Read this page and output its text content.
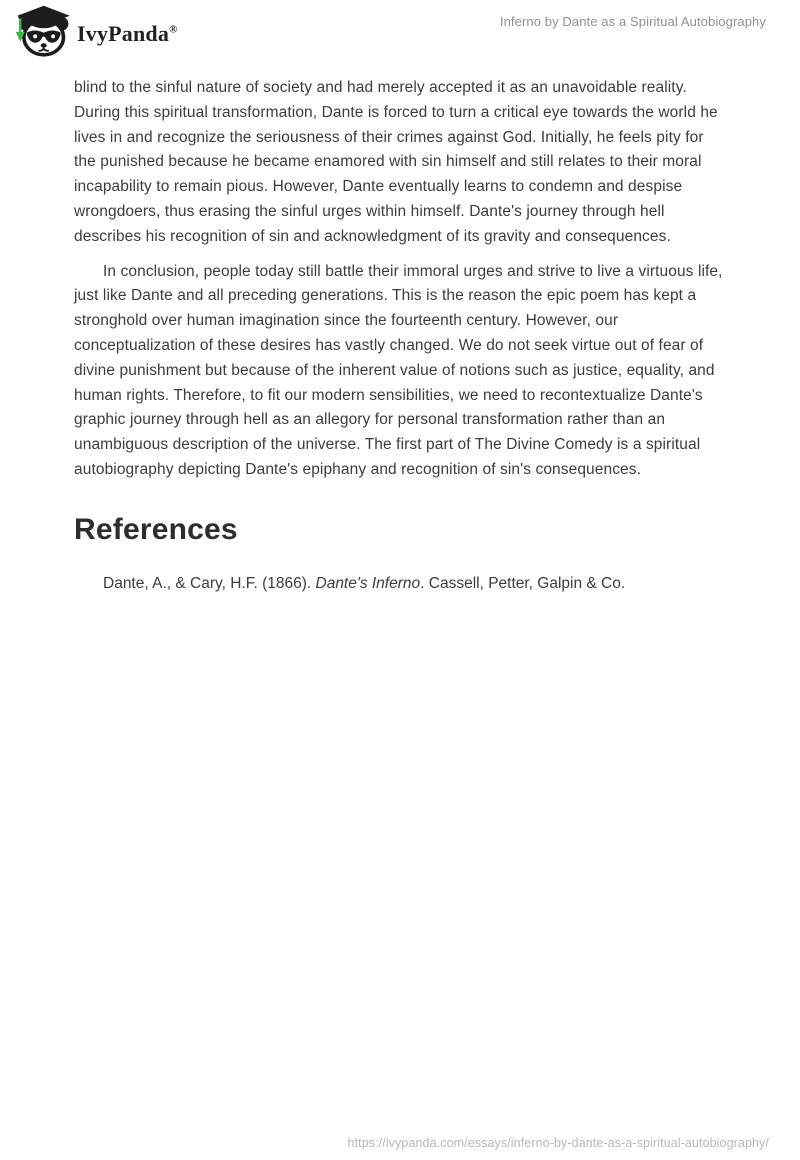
IvyPanda®
Inferno by Dante as a Spiritual Autobiography

blind to the sinful nature of society and had merely accepted it as an unavoidable reality. During this spiritual transformation, Dante is forced to turn a critical eye towards the world he lives in and recognize the seriousness of their crimes against God. Initially, he feels pity for the punished because he became enamored with sin himself and still relates to their moral incapability to remain pious. However, Dante eventually learns to condemn and despise wrongdoers, thus erasing the sinful urges within himself. Dante's journey through hell describes his recognition of sin and acknowledgment of its gravity and consequences.

In conclusion, people today still battle their immoral urges and strive to live a virtuous life, just like Dante and all preceding generations. This is the reason the epic poem has kept a stronghold over human imagination since the fourteenth century. However, our conceptualization of these desires has vastly changed. We do not seek virtue out of fear of divine punishment but because of the inherent value of notions such as justice, equality, and human rights. Therefore, to fit our modern sensibilities, we need to recontextualize Dante's graphic journey through hell as an allegory for personal transformation rather than an unambiguous description of the universe. The first part of The Divine Comedy is a spiritual autobiography depicting Dante's epiphany and recognition of sin's consequences.

References

Dante, A., & Cary, H.F. (1866). Dante's Inferno. Cassell, Petter, Galpin & Co.

https://ivypanda.com/essays/inferno-by-dante-as-a-spiritual-autobiography/
